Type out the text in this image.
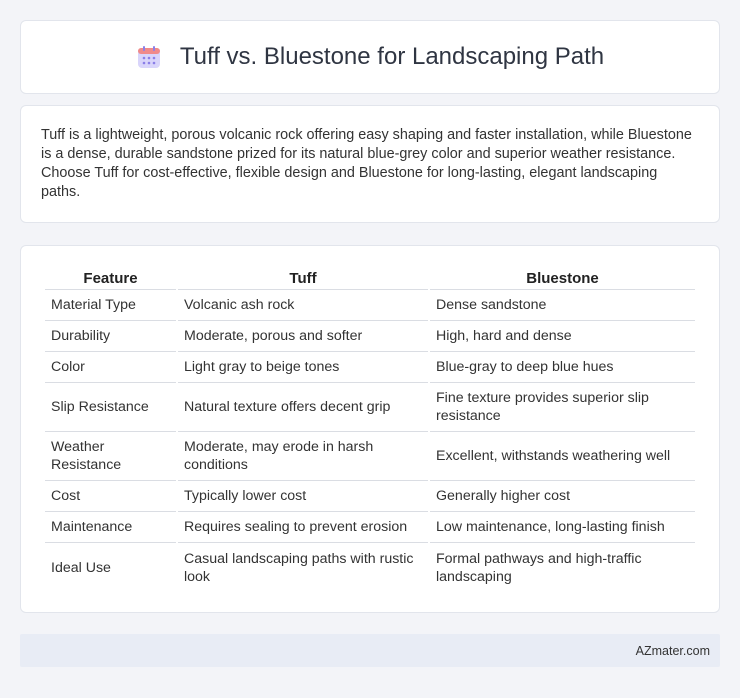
Tuff vs. Bluestone for Landscaping Path

Tuff is a lightweight, porous volcanic rock offering easy shaping and faster installation, while Bluestone is a dense, durable sandstone prized for its natural blue-grey color and superior weather resistance. Choose Tuff for cost-effective, flexible design and Bluestone for long-lasting, elegant landscaping paths.

Feature	Tuff	Bluestone
Material Type	Volcanic ash rock	Dense sandstone
Durability	Moderate, porous and softer	High, hard and dense
Color	Light gray to beige tones	Blue-gray to deep blue hues
Slip Resistance	Natural texture offers decent grip	Fine texture provides superior slip resistance
Weather Resistance	Moderate, may erode in harsh conditions	Excellent, withstands weathering well
Cost	Typically lower cost	Generally higher cost
Maintenance	Requires sealing to prevent erosion	Low maintenance, long-lasting finish
Ideal Use	Casual landscaping paths with rustic look	Formal pathways and high-traffic landscaping
AZmater.com
